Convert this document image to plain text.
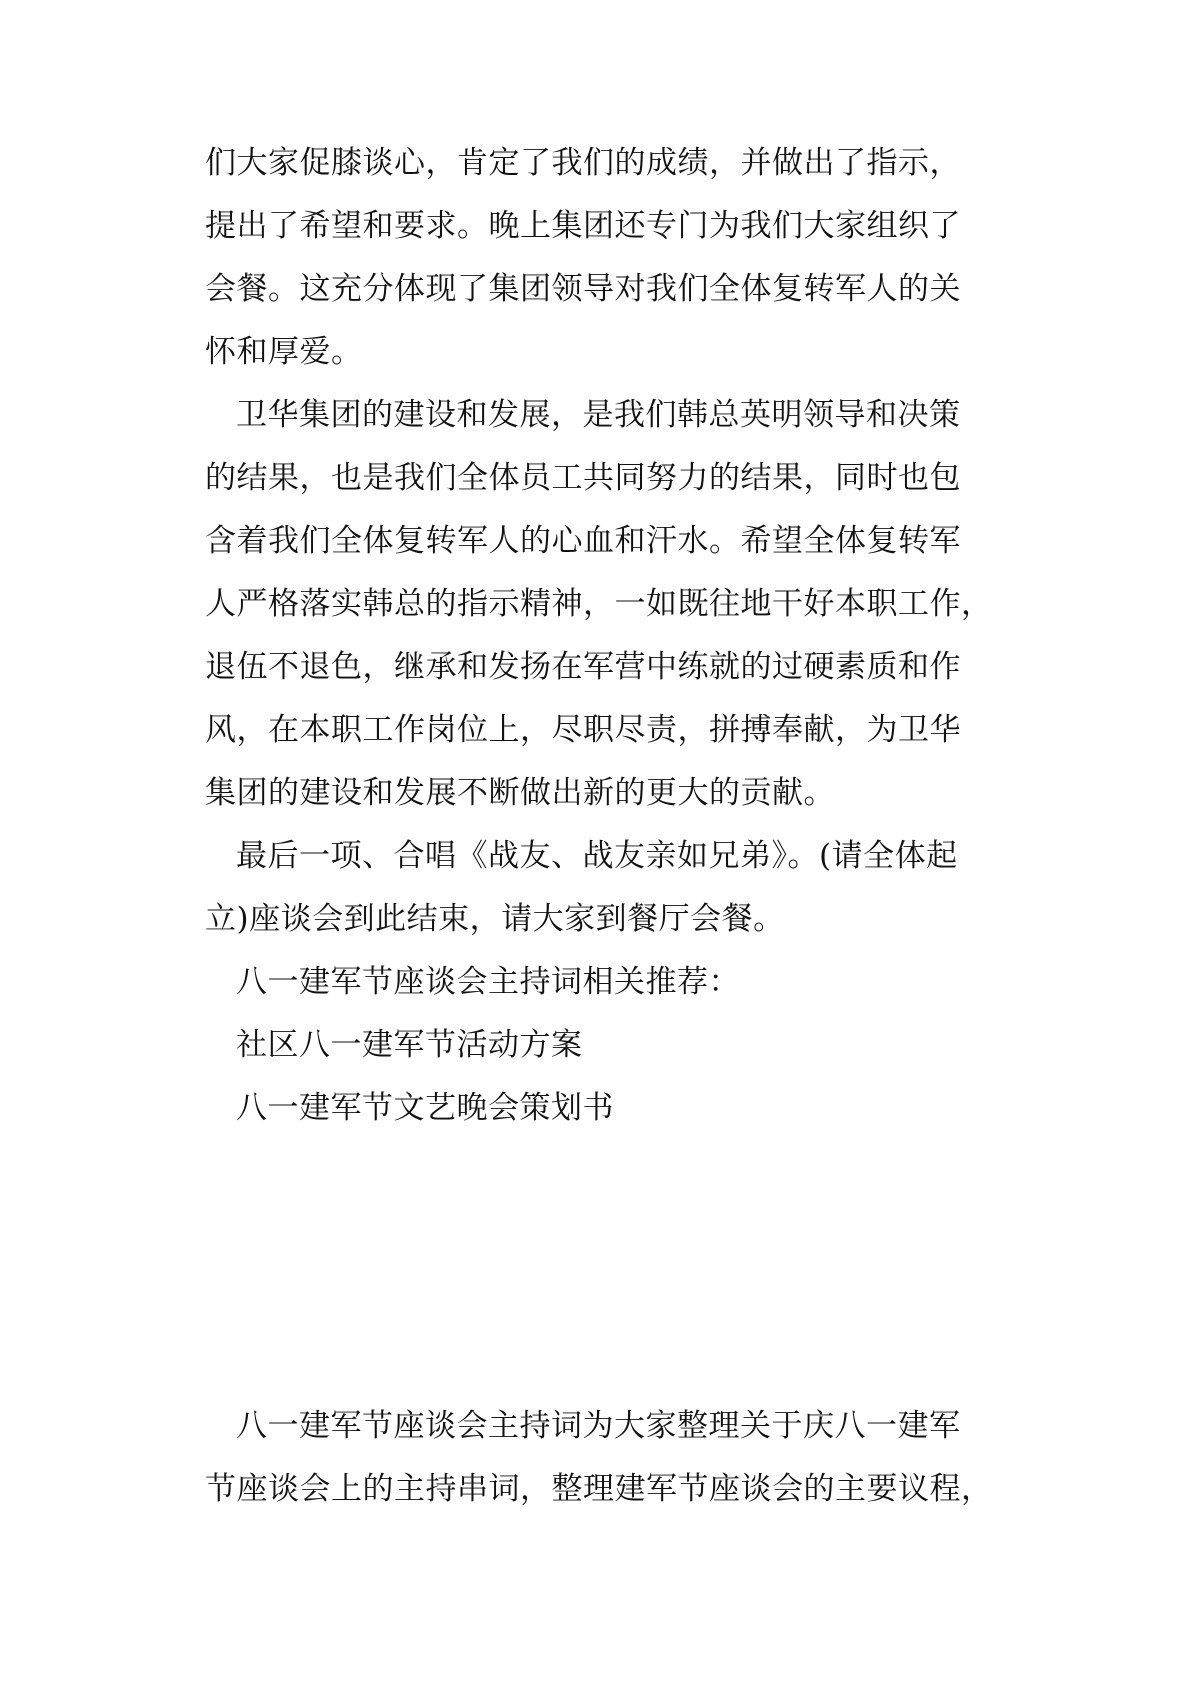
们大家促膝谈心，肯定了我们的成绩，并做出了指示，
提出了希望和要求。晚上集团还专门为我们大家组织了
会餐。这充分体现了集团领导对我们全体复转军人的关
怀和厚爱。
卫华集团的建设和发展，是我们韩总英明领导和决策
的结果，也是我们全体员工共同努力的结果，同时也包
含着我们全体复转军人的心血和汗水。希望全体复转军
人严格落实韩总的指示精神，一如既往地干好本职工作，
退伍不退色，继承和发扬在军营中练就的过硬素质和作
风，在本职工作岗位上，尽职尽责，拼搏奉献，为卫华
集团的建设和发展不断做出新的更大的贡献。
最后一项、合唱《战友、战友亲如兄弟》。(请全体起
立)座谈会到此结束，请大家到餐厅会餐。
八一建军节座谈会主持词相关推荐：
社区八一建军节活动方案
八一建军节文艺晚会策划书
八一建军节座谈会主持词为大家整理关于庆八一建军
节座谈会上的主持串词，整理建军节座谈会的主要议程，
